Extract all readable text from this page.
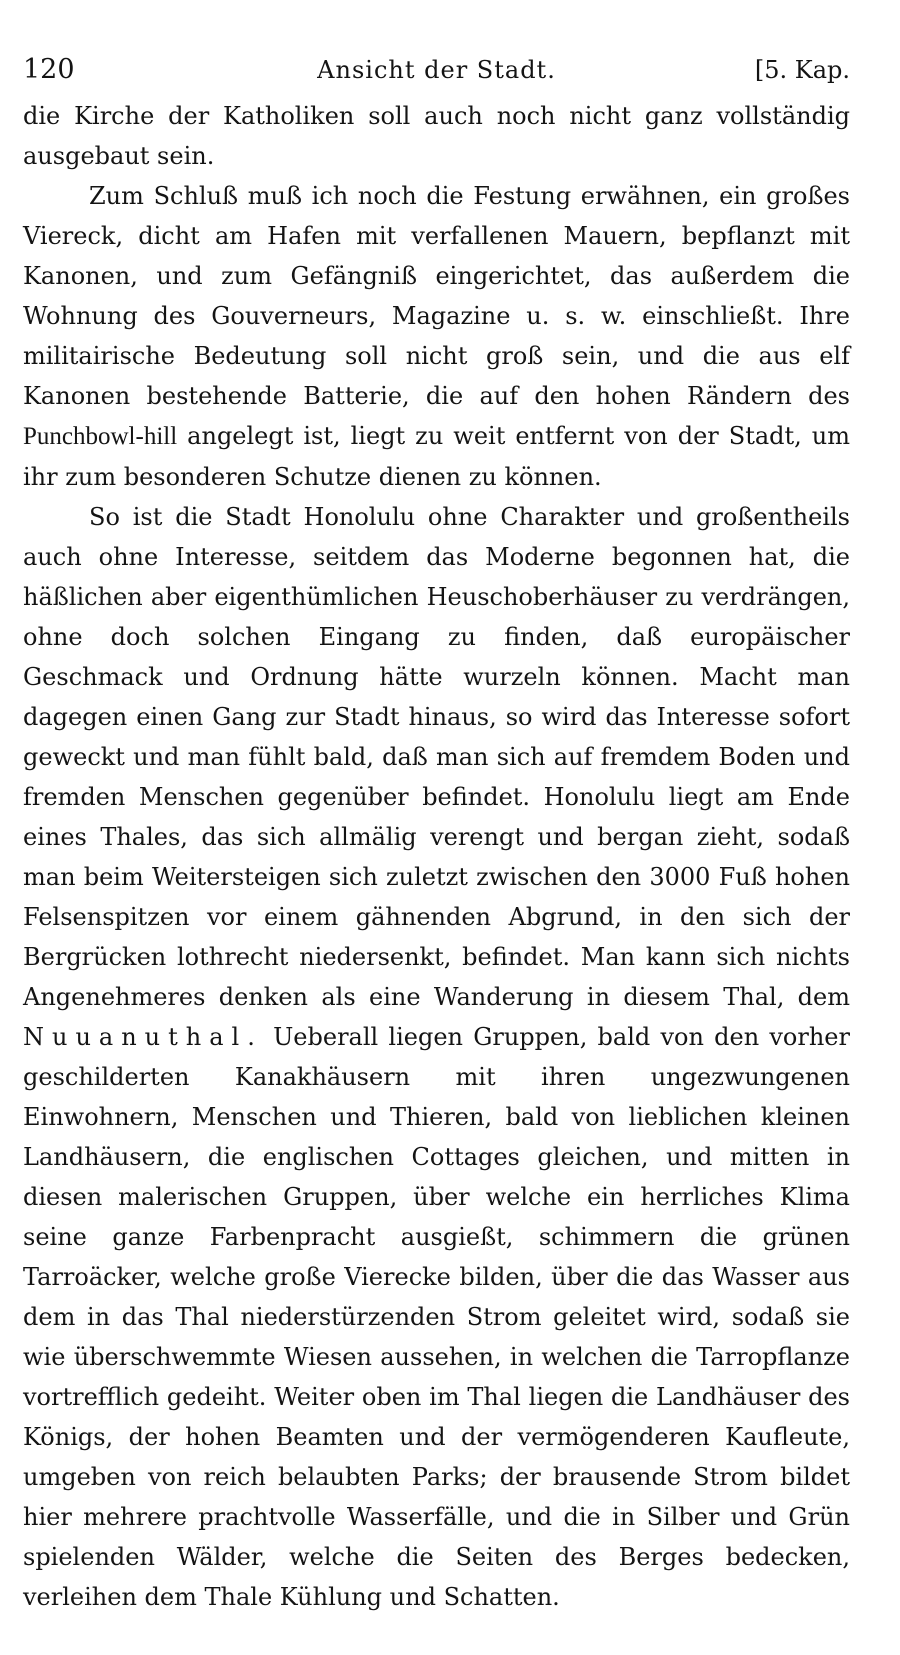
120	Ansicht der Stadt.	[5. Kap.

die Kirche der Katholiken soll auch noch nicht ganz vollständig ausgebaut sein.

Zum Schluß muß ich noch die Festung erwähnen, ein großes Viereck, dicht am Hafen mit verfallenen Mauern, bepflanzt mit Kanonen, und zum Gefängniß eingerichtet, das außerdem die Wohnung des Gouverneurs, Magazine u. s. w. einschließt. Ihre militairische Bedeutung soll nicht groß sein, und die aus elf Kanonen bestehende Batterie, die auf den hohen Rändern des Punchbowl-hill angelegt ist, liegt zu weit entfernt von der Stadt, um ihr zum besonderen Schutze dienen zu können.

So ist die Stadt Honolulu ohne Charakter und großentheils auch ohne Interesse, seitdem das Moderne begonnen hat, die häßlichen aber eigenthümlichen Heuschoberhäuser zu verdrängen, ohne doch solchen Eingang zu finden, daß europäischer Geschmack und Ordnung hätte wurzeln können. Macht man dagegen einen Gang zur Stadt hinaus, so wird das Interesse sofort geweckt und man fühlt bald, daß man sich auf fremdem Boden und fremden Menschen gegenüber befindet. Honolulu liegt am Ende eines Thales, das sich allmälig verengt und bergan zieht, sodaß man beim Weitersteigen sich zuletzt zwischen den 3000 Fuß hohen Felsenspitzen vor einem gähnenden Abgrund, in den sich der Bergrücken lothrecht niedersenkt, befindet. Man kann sich nichts Angenehmeres denken als eine Wanderung in diesem Thal, dem Nuuanuthal. Ueberall liegen Gruppen, bald von den vorher geschilderten Kanakhäusern mit ihren ungezwungenen Einwohnern, Menschen und Thieren, bald von lieblichen kleinen Landhäusern, die englischen Cottages gleichen, und mitten in diesen malerischen Gruppen, über welche ein herrliches Klima seine ganze Farbenpracht ausgießt, schimmern die grünen Tarroäcker, welche große Vierecke bilden, über die das Wasser aus dem in das Thal niederstürzenden Strom geleitet wird, sodaß sie wie überschwemmte Wiesen aussehen, in welchen die Tarropflanze vortrefflich gedeiht. Weiter oben im Thal liegen die Landhäuser des Königs, der hohen Beamten und der vermögenderen Kaufleute, umgeben von reich belaubten Parks; der brausende Strom bildet hier mehrere prachtvolle Wasserfälle, und die in Silber und Grün spielenden Wälder, welche die Seiten des Berges bedecken, verleihen dem Thale Kühlung und Schatten.
